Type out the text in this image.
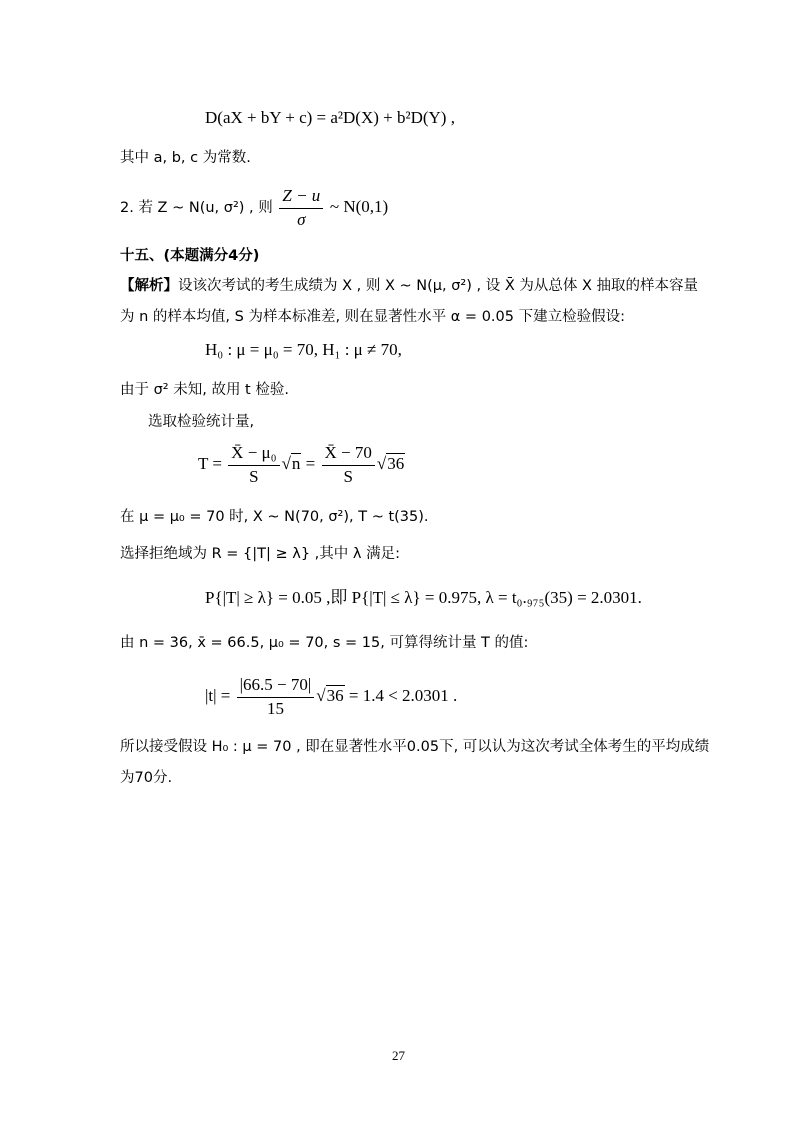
D(aX + bY + c) = a²D(X) + b²D(Y) ,
其中 a, b, c 为常数.
2. 若 Z ~ N(u, σ²) , 则 $\frac{Z - u}{\sigma}$ ~ N(0,1)
十五、(本题满分4分)
【解析】设该次考试的考生成绩为 X , 则 X ~ N(μ, σ²) , 设 X̄ 为从总体 X 抽取的样本容量
为 n 的样本均值, S 为样本标准差, 则在显著性水平 α = 0.05 下建立检验假设:
H₀ : μ = μ₀ = 70, H₁ : μ ≠ 70,
由于 σ² 未知, 故用 t 检验.
选取检验统计量,
$T = \frac{\text{X̄ − μ₀}}{S} √n = \frac{X̄ - 70}{S} √36$
在 μ = μ₀ = 70 时, X ~ N(70, σ²), T ~ t(35).
选择拒绝域为 R = {|T| ≥ λ} ,其中 λ 满足:
P{|T| ≥ λ} = 0.05 ,即 P{|T| ≤ λ} = 0.975, λ = t₀.₉₇₅(35) = 2.0301.
由 n = 36, x̄ = 66.5, μ₀ = 70, s = 15, 可算得统计量 T 的值:
$|t| = \frac{|66.5 - 70|}{15} √36 = 1.4 < 2.0301$ .
所以接受假设 H₀ : μ = 70 , 即在显著性水平0.05下, 可以认为这次考试全体考生的平均成绩
为70分.
27
